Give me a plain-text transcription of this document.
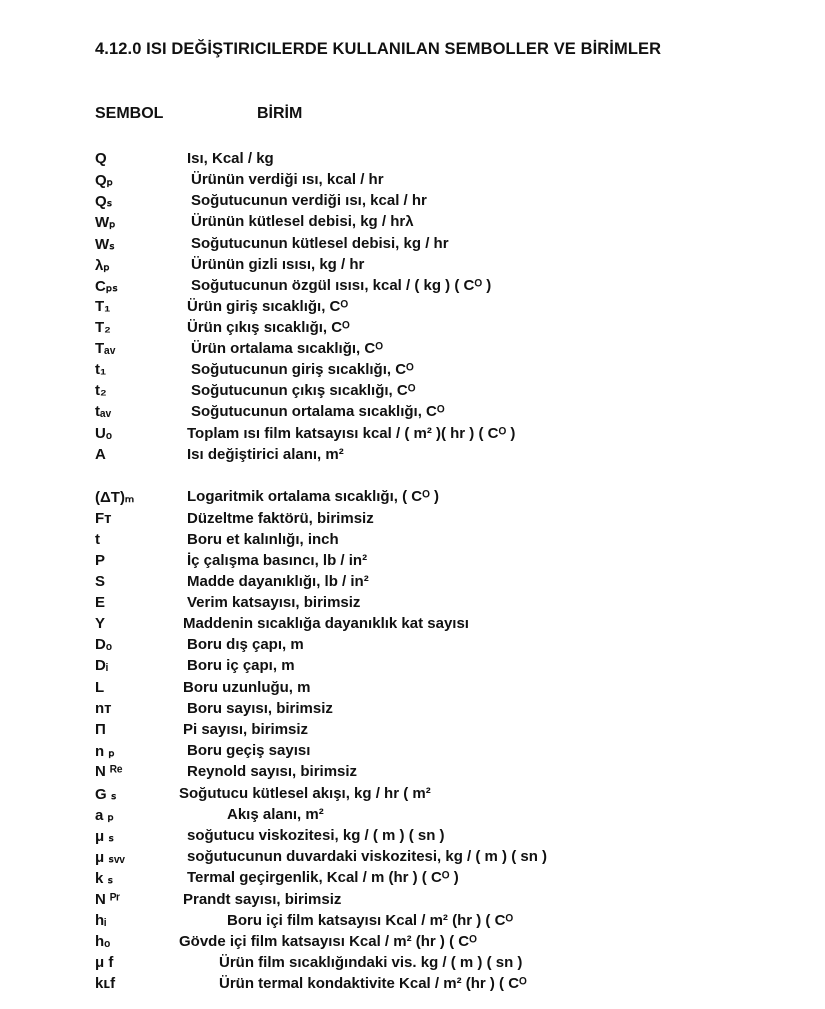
4.12.0 ISI DEĞİŞTIRICILERDE KULLANILAN SEMBOLLER VE BİRİMLER
SEMBOL	BİRİM
Q	Isı, Kcal / kg
Qₚ	Ürünün verdiği ısı, kcal / hr
Qₛ	Soğutucunun verdiği ısı, kcal / hr
Wₚ	Ürünün kütlesel debisi, kg / hrλ
Wₛ	Soğutucunun kütlesel debisi, kg / hr
λₚ	Ürünün gizli ısısı, kg / hr
Cₚₛ	Soğutucunun özgül ısısı, kcal / ( kg ) ( Cᴼ )
T₁	Ürün giriş sıcaklığı, Cᴼ
T₂	Ürün çıkış sıcaklığı, Cᴼ
Tₐᵥ	Ürün ortalama sıcaklığı, Cᴼ
t₁	Soğutucunun giriş sıcaklığı, Cᴼ
t₂	Soğutucunun çıkış sıcaklığı, Cᴼ
tₐᵥ	Soğutucunun ortalama sıcaklığı, Cᴼ
Uₒ	Toplam ısı film katsayısı kcal / ( m² )( hr ) ( Cᴼ )
A	Isı değiştirici alanı, m²
(ΔT)ₘ	Logaritmik ortalama sıcaklığı, ( Cᴼ )
Fᴛ	Düzeltme faktörü, birimsiz
t	Boru et kalınlığı, inch
P	İç çalışma basıncı, lb / in²
S	Madde dayanıklığı, lb / in²
E	Verim katsayısı, birimsiz
Y	Maddenin sıcaklığa dayanıklık kat sayısı
Dₒ	Boru dış çapı, m
Dᵢ	Boru iç çapı, m
L	Boru uzunluğu, m
nᴛ	Boru sayısı, birimsiz
Π	Pi sayısı, birimsiz
n ₚ	Boru geçiş sayısı
N ᴿᵉ	Reynold sayısı, birimsiz
G ₛ	Soğutucu kütlesel akışı, kg / hr ( m²
a ₚ	Akış alanı, m²
μ ₛ	soğutucu viskozitesi, kg / ( m ) ( sn )
μ ₛᵥᵥ	soğutucunun duvardaki viskozitesi, kg / ( m ) ( sn )
k ₛ	Termal geçirgenlik, Kcal / m (hr ) ( Cᴼ )
N ᴾʳ	Prandt sayısı, birimsiz
hᵢ	Boru içi film katsayısı Kcal / m² (hr ) ( Cᴼ
hₒ	Gövde içi film katsayısı Kcal / m² (hr ) ( Cᴼ
μ f	Ürün film sıcaklığındaki vis. kg / ( m ) ( sn )
kʟf	Ürün termal kondaktivite Kcal / m² (hr ) ( Cᴼ
